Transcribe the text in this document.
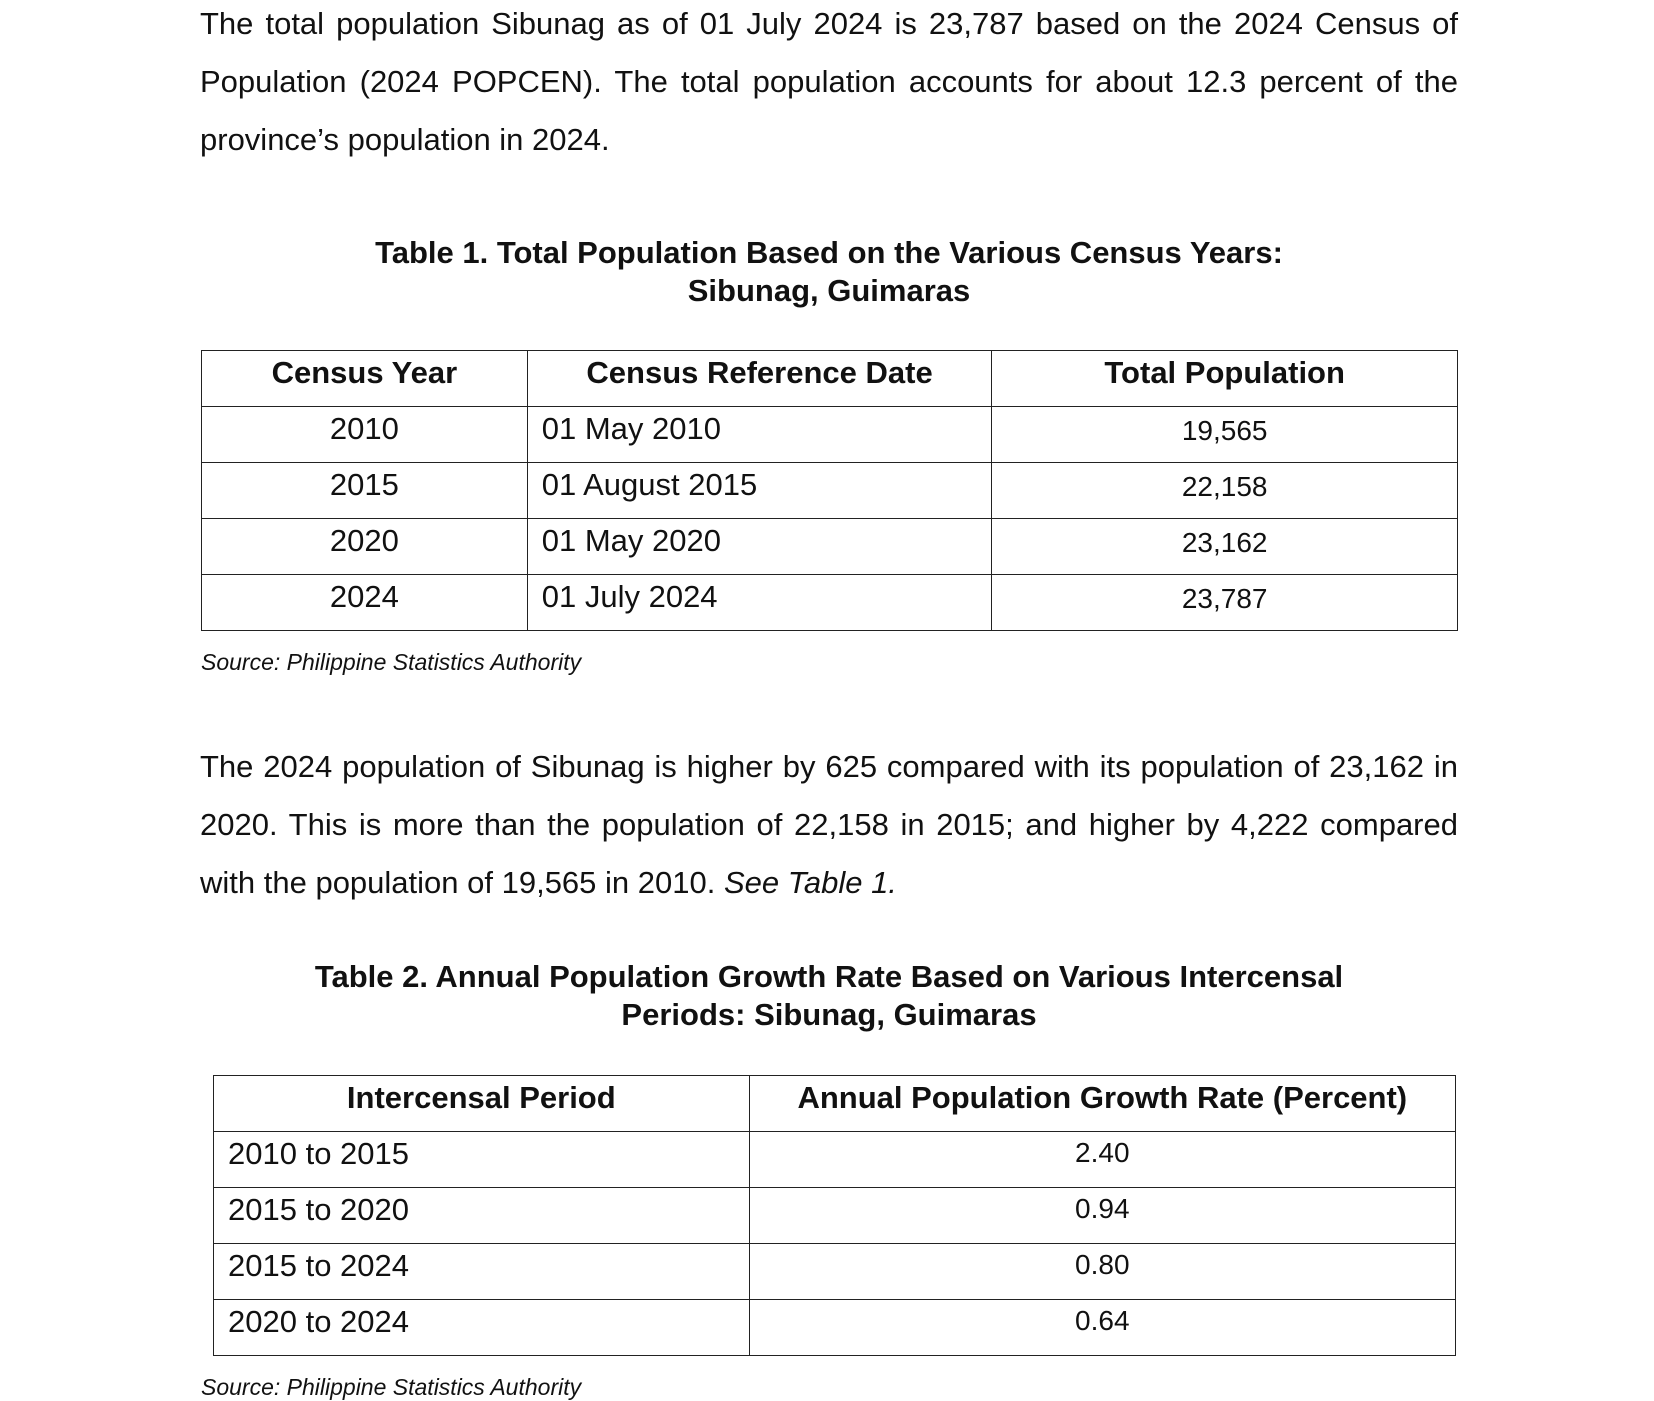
The total population Sibunag as of 01 July 2024 is 23,787 based on the 2024 Census of Population (2024 POPCEN). The total population accounts for about 12.3 percent of the province’s population in 2024.

Table 1. Total Population Based on the Various Census Years:
Sibunag, Guimaras
Census Year	Census Reference Date	Total Population
2010	01 May 2010	19,565
2015	01 August 2015	22,158
2020	01 May 2020	23,162
2024	01 July 2024	23,787

Source: Philippine Statistics Authority

The 2024 population of Sibunag is higher by 625 compared with its population of 23,162 in 2020. This is more than the population of 22,158 in 2015; and higher by 4,222 compared with the population of 19,565 in 2010. See Table 1.

Table 2. Annual Population Growth Rate Based on Various Intercensal
Periods: Sibunag, Guimaras
Intercensal Period	Annual Population Growth Rate (Percent)
2010 to 2015	2.40
2015 to 2020	0.94
2015 to 2024	0.80
2020 to 2024	0.64

Source: Philippine Statistics Authority
